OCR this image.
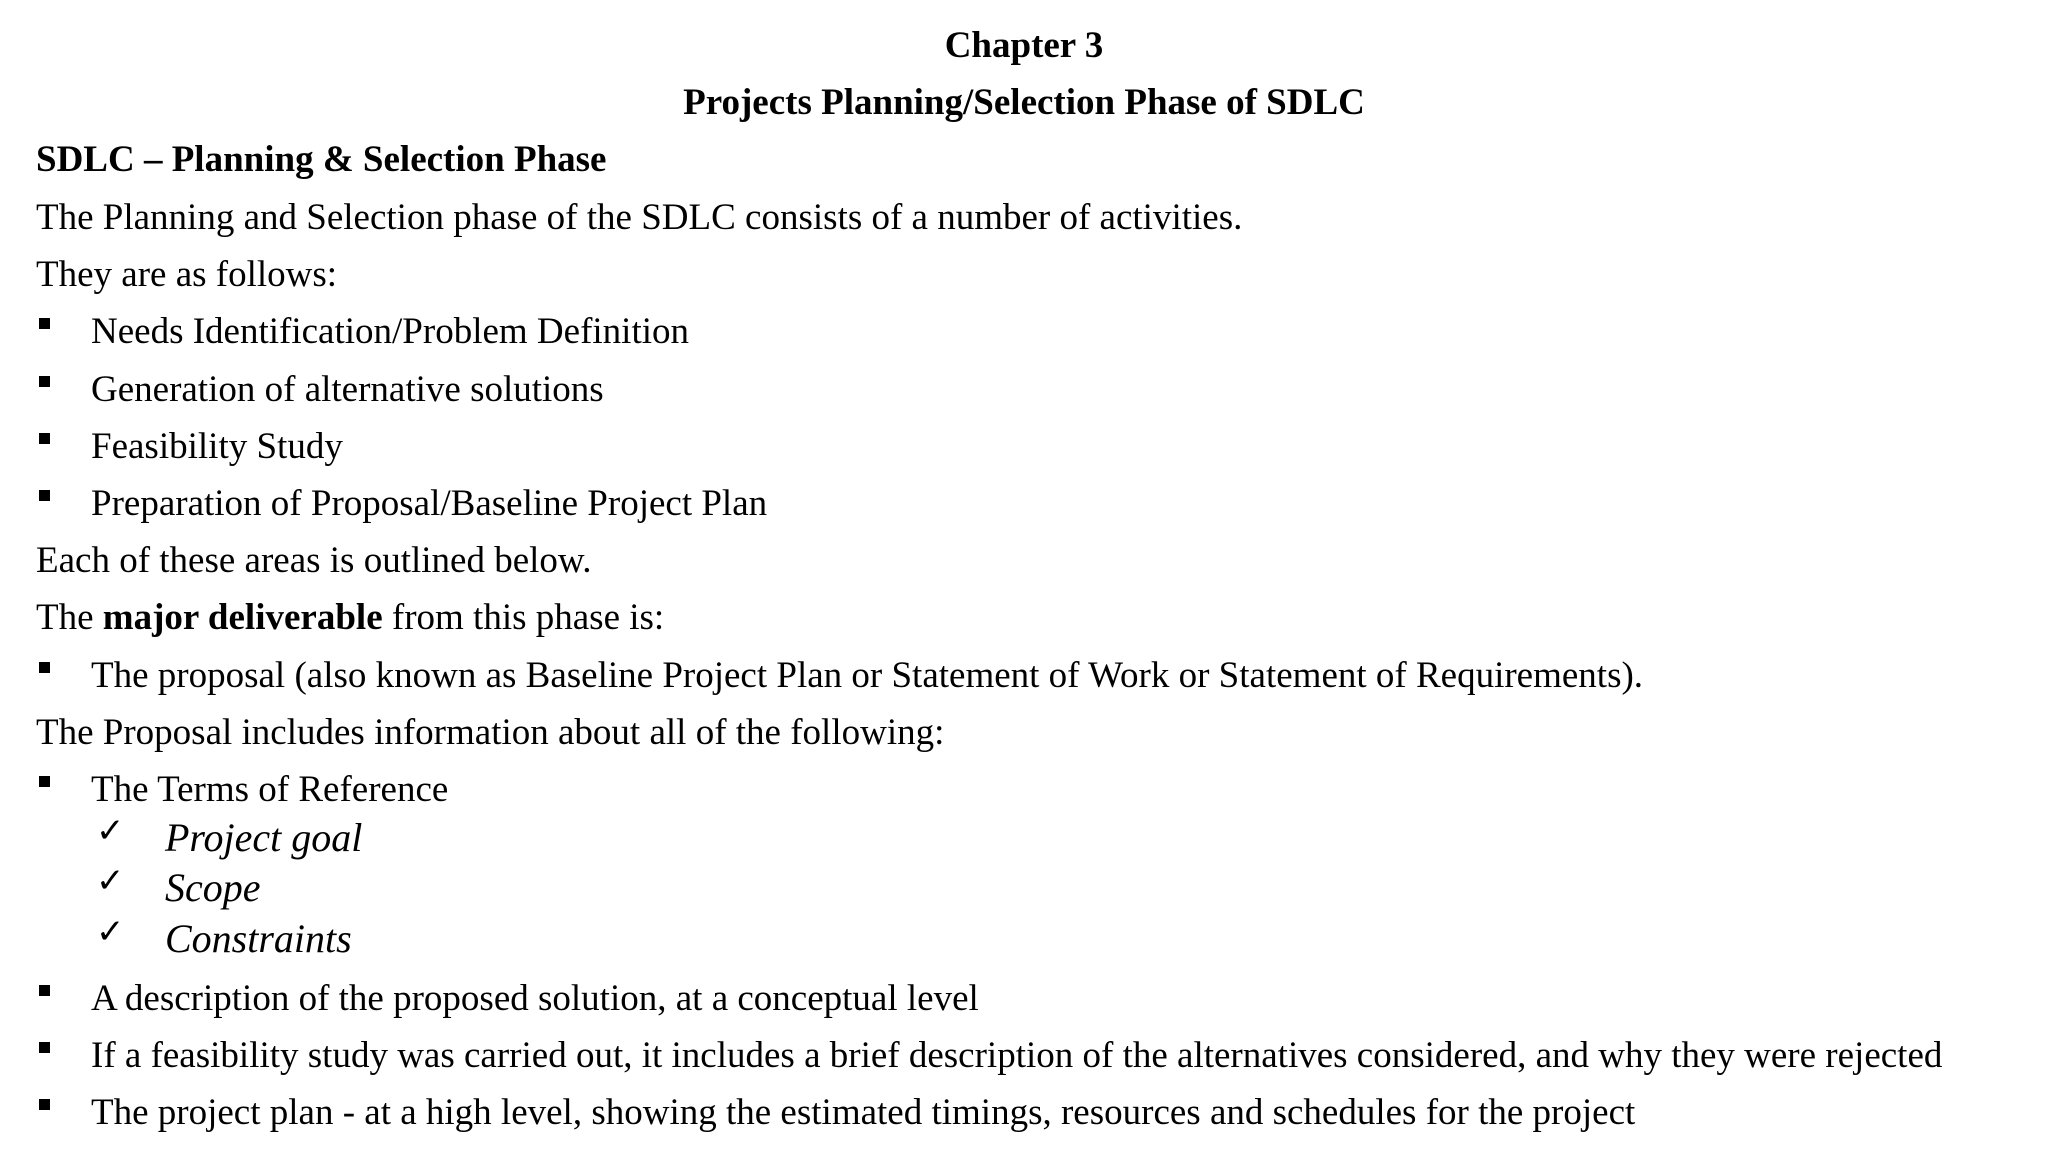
Chapter 3
Projects Planning/Selection Phase of SDLC
SDLC – Planning & Selection Phase
The Planning and Selection phase of the SDLC consists of a number of activities.
They are as follows:
Needs Identification/Problem Definition
Generation of alternative solutions
Feasibility Study
Preparation of Proposal/Baseline Project Plan
Each of these areas is outlined below.
The major deliverable from this phase is:
The proposal (also known as Baseline Project Plan or Statement of Work or Statement of Requirements).
The Proposal includes information about all of the following:
The Terms of Reference
✓ Project goal
✓ Scope
✓ Constraints
A description of the proposed solution, at a conceptual level
If a feasibility study was carried out, it includes a brief description of the alternatives considered, and why they were rejected
The project plan - at a high level, showing the estimated timings, resources and schedules for the project
